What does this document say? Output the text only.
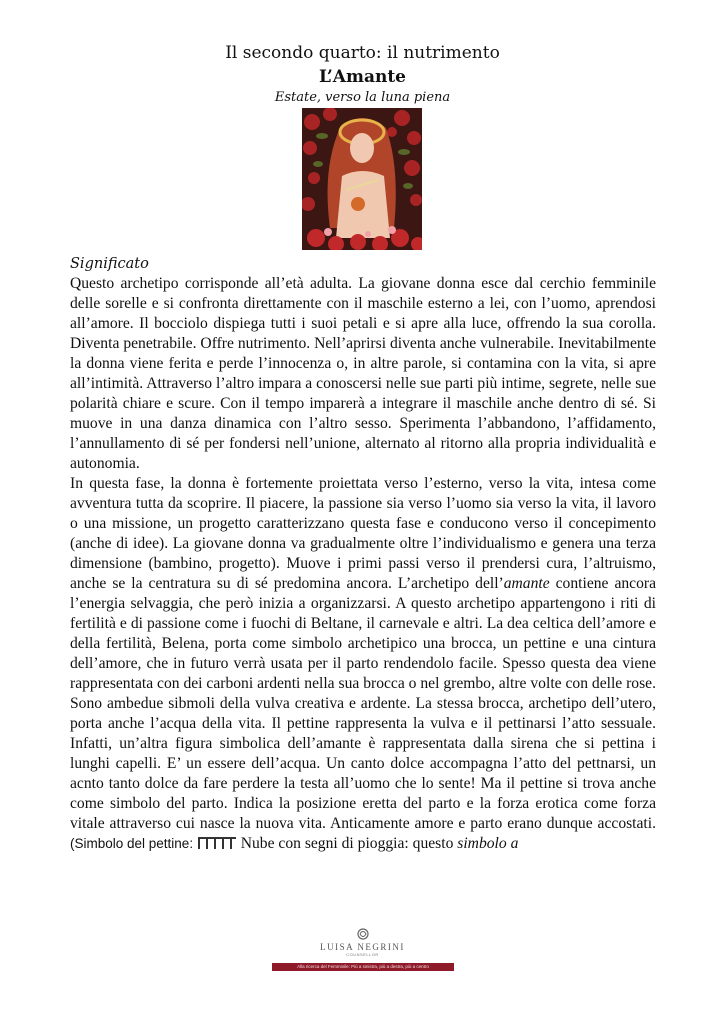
Il secondo quarto: il nutrimento
L’Amante
Estate, verso la luna piena
Significato

Questo archetipo corrisponde all’età adulta. La giovane donna esce dal cerchio femminile delle sorelle e si confronta direttamente con il maschile esterno a lei, con l’uomo, aprendosi all’amore. Il bocciolo dispiega tutti i suoi petali e si apre alla luce, offrendo la sua corolla. Diventa penetrabile. Offre nutrimento. Nell’aprirsi diventa anche vulnerabile. Inevitabilmente la donna viene ferita e perde l’innocenza o, in altre parole, si contamina con la vita, si apre all’intimità. Attraverso l’altro impara a conoscersi nelle sue parti più intime, segrete, nelle sue polarità chiare e scure. Con il tempo imparerà a integrare il maschile anche dentro di sé. Si muove in una danza dinamica con l’altro sesso. Sperimenta l’abbandono, l’affidamento, l’annullamento di sé per fondersi nell’unione, alternato al ritorno alla propria individualità e autonomia.

In questa fase, la donna è fortemente proiettata verso l’esterno, verso la vita, intesa come avventura tutta da scoprire. Il piacere, la passione sia verso l’uomo sia verso la vita, il lavoro o una missione, un progetto caratterizzano questa fase e conducono verso il concepimento (anche di idee). La giovane donna va gradualmente oltre l’individualismo e genera una terza dimensione (bambino, progetto). Muove i primi passi verso il prendersi cura, l’altruismo, anche se la centratura su di sé predomina ancora. L’archetipo dell’amante contiene ancora l’energia selvaggia, che però inizia a organizzarsi. A questo archetipo appartengono i riti di fertilità e di passione come i fuochi di Beltane, il carnevale e altri. La dea celtica dell’amore e della fertilità, Belena, porta come simbolo archetipico una brocca, un pettine e una cintura dell’amore, che in futuro verrà usata per il parto rendendolo facile. Spesso questa dea viene rappresentata con dei carboni ardenti nella sua brocca o nel grembo, altre volte con delle rose. Sono ambedue sibmoli della vulva creativa e ardente. La stessa brocca, archetipo dell’utero, porta anche l’acqua della vita. Il pettine rappresenta la vulva e il pettinarsi l’atto sessuale. Infatti, un’altra figura simbolica dell’amante è rappresentata dalla sirena che si pettina i lunghi capelli. E’ un essere dell’acqua. Un canto dolce accompagna l’atto del pettnarsi, un acnto tanto dolce da fare perdere la testa all’uomo che lo sente! Ma il pettine si trova anche come simbolo del parto. Indica la posizione eretta del parto e la forza erotica come forza vitale attraverso cui nasce la nuova vita. Anticamente amore e parto erano dunque accostati. (Simbolo del pettine:	Nube con segni di pioggia: questo simbolo a

LUISA NEGRINI
COUNSELLOR
Alla ricerca del Femminile: Più a sinistra, più a destra, più a centro
